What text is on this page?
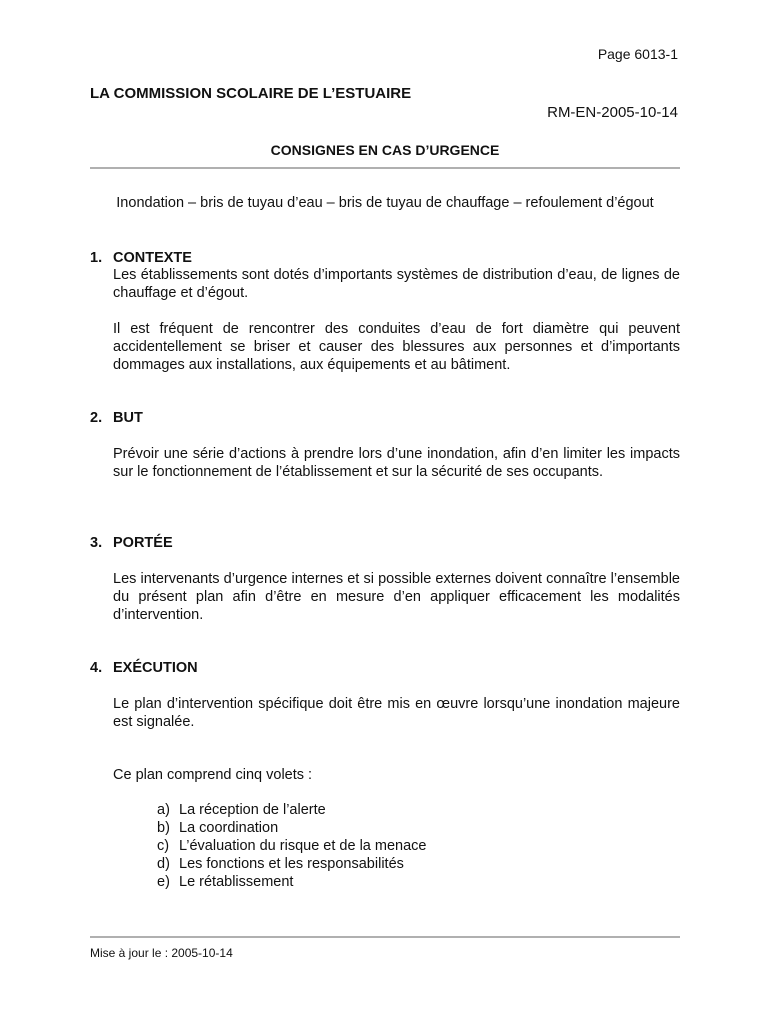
Page 6013-1
LA COMMISSION SCOLAIRE DE L’ESTUAIRE
RM-EN-2005-10-14
CONSIGNES EN CAS D’URGENCE
Inondation – bris de tuyau d’eau – bris de tuyau de chauffage – refoulement d’égout
1. CONTEXTE
Les établissements sont dotés d’importants systèmes de distribution d’eau, de lignes de chauffage et d’égout.
Il est fréquent de rencontrer des conduites d’eau de fort diamètre qui peuvent accidentellement se briser et causer des blessures aux personnes et d’importants dommages aux installations, aux équipements et au bâtiment.
2. BUT
Prévoir une série d’actions à prendre lors d’une inondation, afin d’en limiter les impacts sur le fonctionnement de l’établissement et sur la sécurité de ses occupants.
3. PORTÉE
Les intervenants d’urgence internes et si possible externes doivent connaître l’ensemble du présent plan afin d’être en mesure d’en appliquer efficacement les modalités d’intervention.
4. EXÉCUTION
Le plan d’intervention spécifique doit être mis en œuvre lorsqu’une inondation majeure est signalée.
Ce plan comprend cinq volets :
a) La réception de l’alerte
b) La coordination
c) L’évaluation du risque et de la menace
d) Les fonctions et les responsabilités
e) Le rétablissement
Mise à jour le : 2005-10-14
